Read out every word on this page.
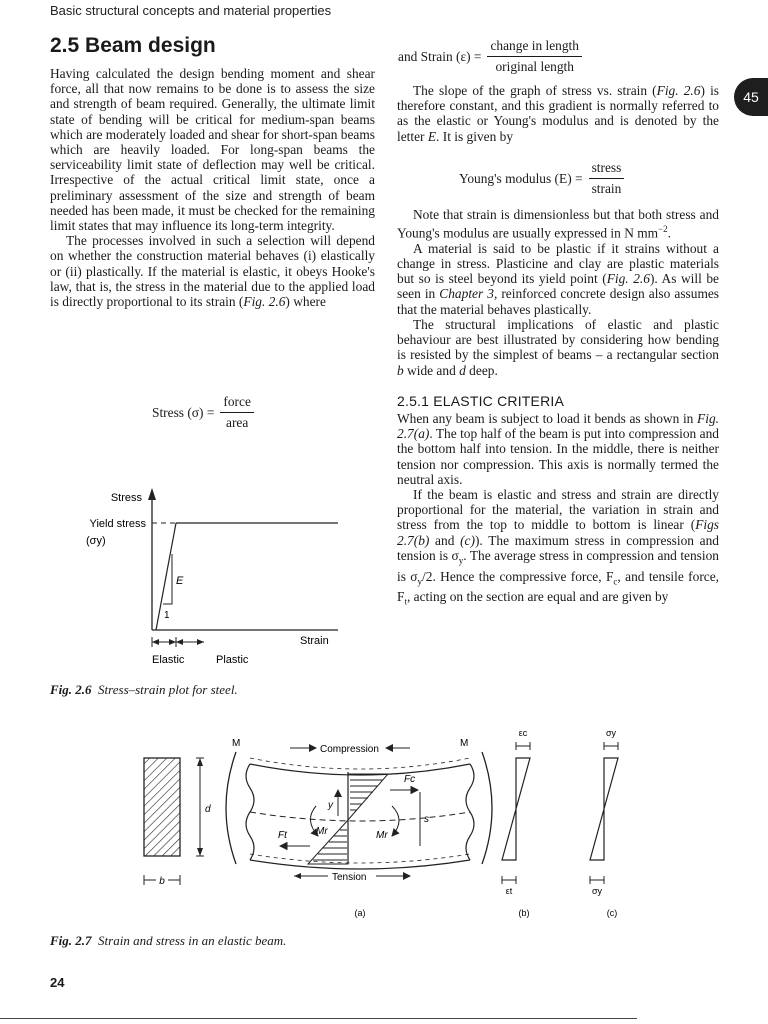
Basic structural concepts and material properties
45
2.5 Beam design

Having calculated the design bending moment and shear force, all that now remains to be done is to assess the size and strength of beam required. Generally, the ultimate limit state of bending will be critical for medium-span beams which are moderately loaded and shear for short-span beams which are heavily loaded. For long-span beams the serviceability limit state of deflection may well be critical. Irrespective of the actual critical limit state, once a preliminary assessment of the size and strength of beam needed has been made, it must be checked for the remaining limit states that may influence its long-term integrity.

The processes involved in such a selection will depend on whether the construction material behaves (i) elastically or (ii) plastically. If the material is elastic, it obeys Hooke's law, that is, the stress in the material due to the applied load is directly proportional to its strain (Fig. 2.6) where

Stress $(\sigma) = \frac{\text{force}}{\text{area}}$
Stress
Yield stress
(σy)
E
1
Strain
Elastic	Plastic
Fig. 2.6 Stress–strain plot for steel.
and Strain $(\varepsilon) = \frac{\text{change in length}}{\text{original length}}$

The slope of the graph of stress vs. strain (Fig. 2.6) is therefore constant, and this gradient is normally referred to as the elastic or Young's modulus and is denoted by the letter E. It is given by

Young's modulus $(E) = \frac{\text{stress}}{\text{strain}}$

Note that strain is dimensionless but that both stress and Young's modulus are usually expressed in N $mm^{-2}$.

A material is said to be plastic if it strains without a change in stress. Plasticine and clay are plastic materials but so is steel beyond its yield point (Fig. 2.6). As will be seen in Chapter 3, reinforced concrete design also assumes that the material behaves plastically.

The structural implications of elastic and plastic behaviour are best illustrated by considering how bending is resisted by the simplest of beams – a rectangular section b wide and d deep.

2.5.1 ELASTIC CRITERIA

When any beam is subject to load it bends as shown in Fig. 2.7(a). The top half of the beam is put into compression and the bottom half into tension. In the middle, there is neither tension nor compression. This axis is normally termed the neutral axis.

If the beam is elastic and stress and strain are directly proportional for the material, the variation in strain and stress from the top to middle to bottom is linear (Figs 2.7(b) and (c)). The maximum stress in compression and tension is $\sigma_y$. The average stress in compression and tension is $\sigma_y/2$. Hence the compressive force, $F_c$, and tensile force, $F_t$, acting on the section are equal and are given by

d
b
M	M
Fc
Ft
y
s
Mr	Mr
Compression
Tension
εc
εt
σy
σy
(a)	(b)	(c)
Fig. 2.7 Strain and stress in an elastic beam.
24
